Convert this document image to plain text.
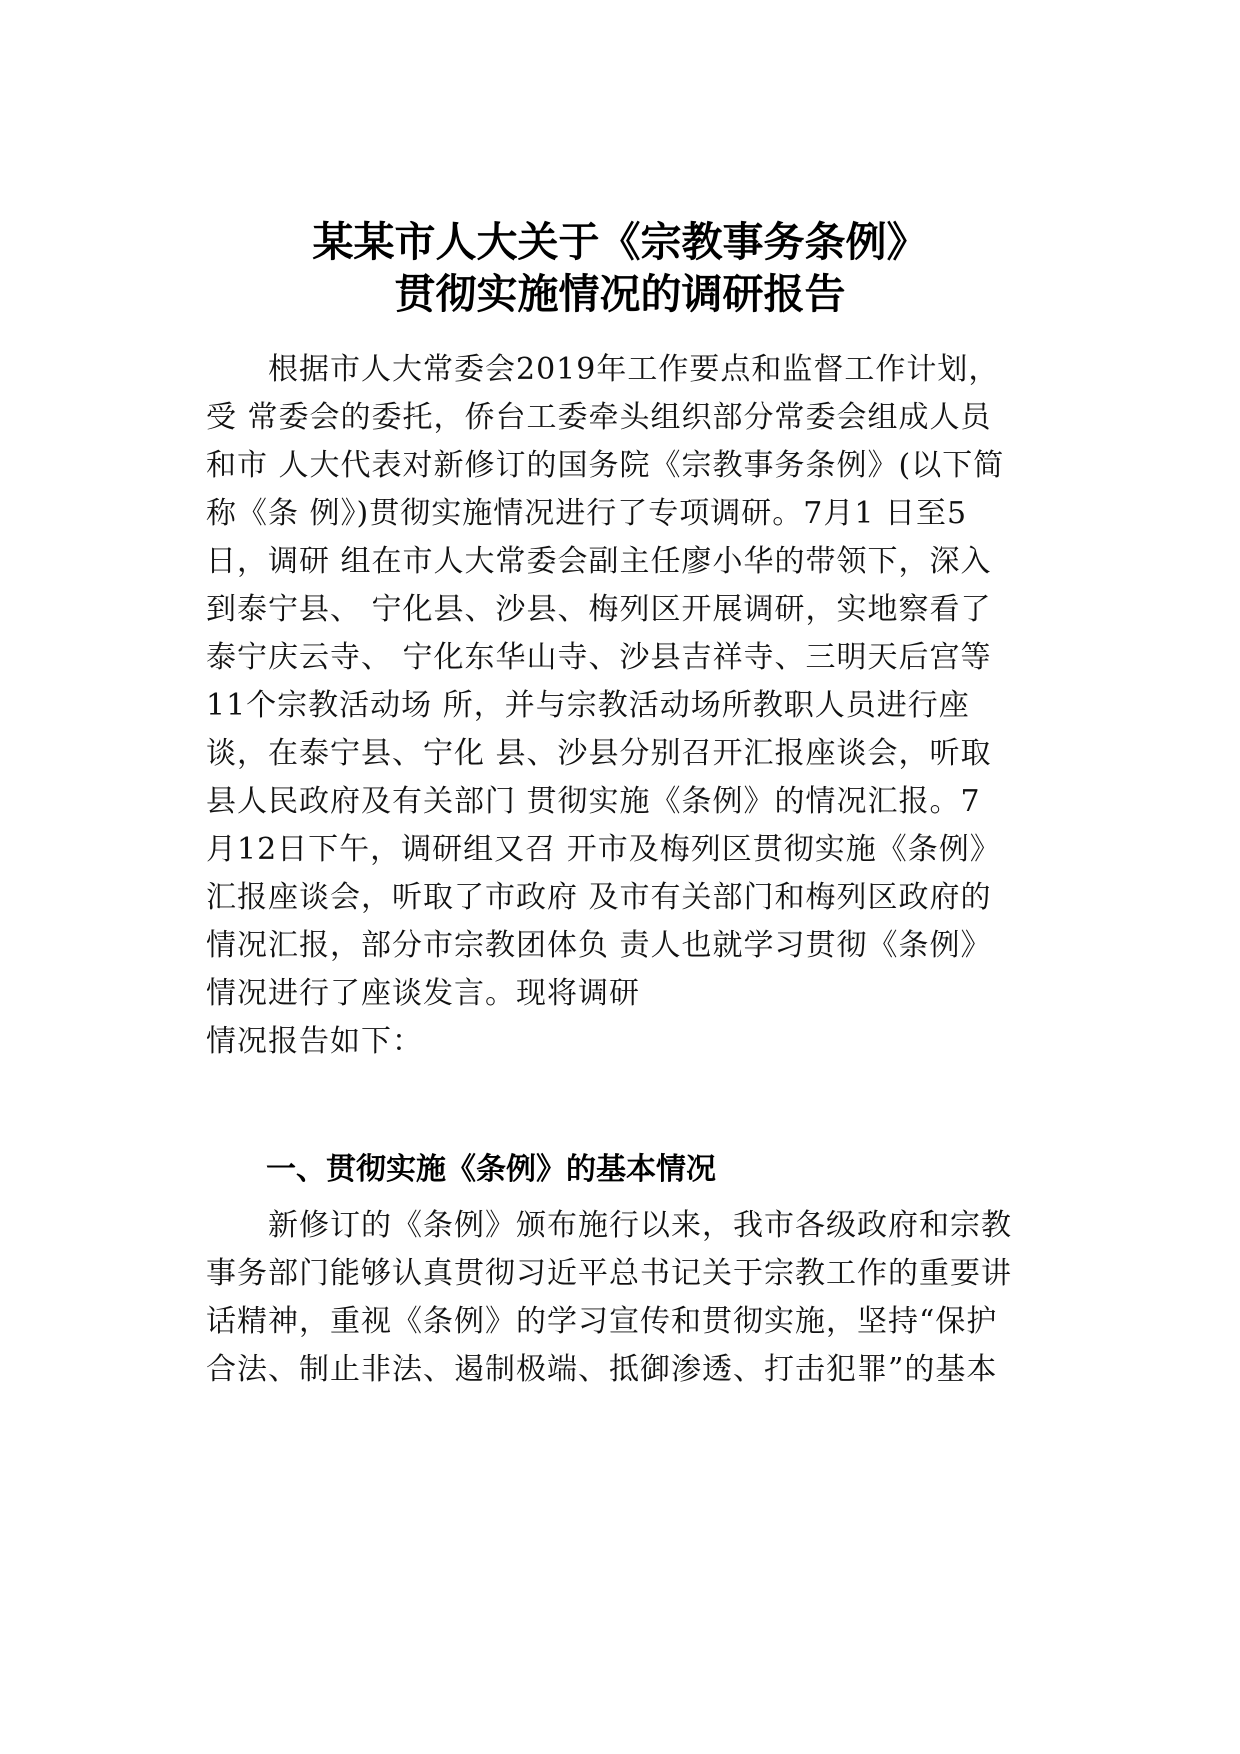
某某市人大关于《宗教事务条例》
贯彻实施情况的调研报告
　　根据市人大常委会2019年工作要点和监督工作计划，
受 常委会的委托，侨台工委牵头组织部分常委会组成人员
和市 人大代表对新修订的国务院《宗教事务条例》(以下简
称《条 例》)贯彻实施情况进行了专项调研。7月1 日至5
日，调研 组在市人大常委会副主任廖小华的带领下，深入
到泰宁县、 宁化县、沙县、梅列区开展调研，实地察看了
泰宁庆云寺、 宁化东华山寺、沙县吉祥寺、三明天后宫等
11个宗教活动场 所，并与宗教活动场所教职人员进行座
谈，在泰宁县、宁化 县、沙县分别召开汇报座谈会，听取
县人民政府及有关部门 贯彻实施《条例》的情况汇报。7
月12日下午，调研组又召 开市及梅列区贯彻实施《条例》
汇报座谈会，听取了市政府 及市有关部门和梅列区政府的
情况汇报，部分市宗教团体负 责人也就学习贯彻《条例》
情况进行了座谈发言。现将调研
情况报告如下：
一、贯彻实施《条例》的基本情况
　　新修订的《条例》颁布施行以来，我市各级政府和宗教
事务部门能够认真贯彻习近平总书记关于宗教工作的重要讲
话精神，重视《条例》的学习宣传和贯彻实施，坚持“保护
合法、制止非法、遏制极端、抵御渗透、打击犯罪”的基本
